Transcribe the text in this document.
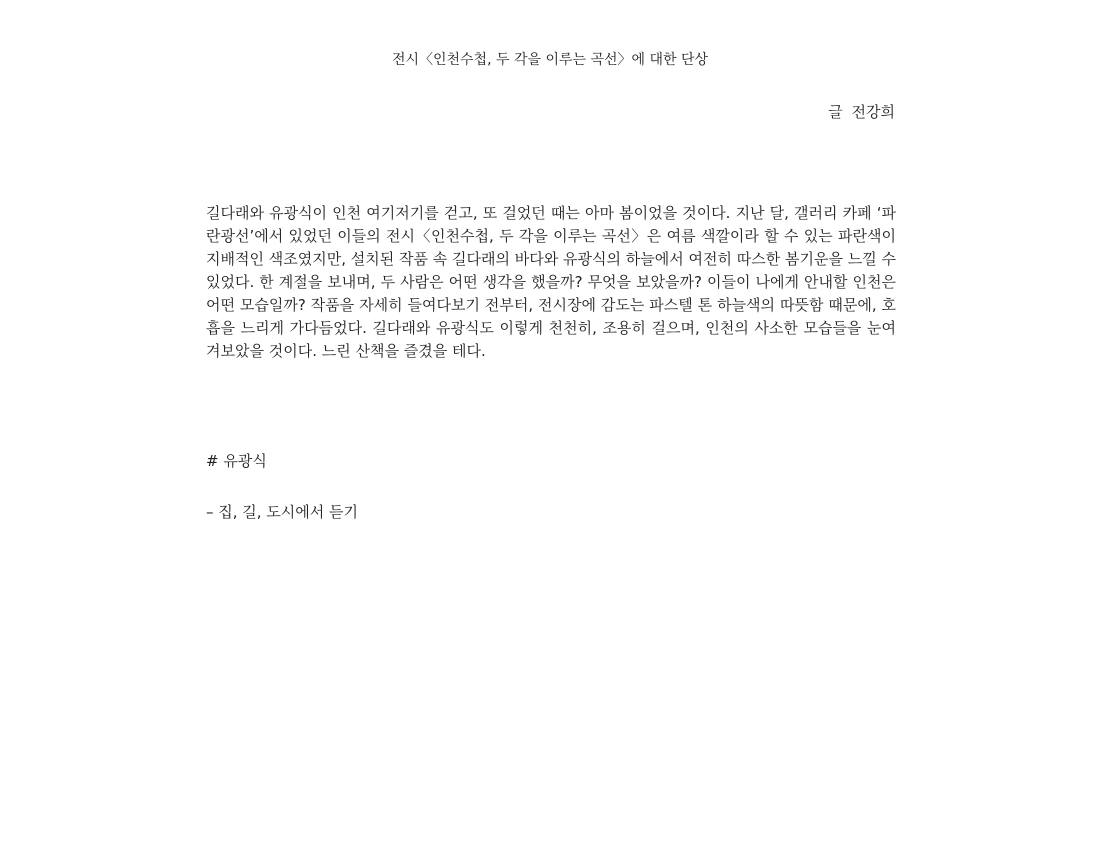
전시〈인천수첩, 두 각을 이루는 곡선〉에 대한 단상
글 전강희

길다래와 유광식이 인천 여기저기를 걷고, 또 걸었던 때는 아마 봄이었을 것이다. 지난 달, 갤러리 카페 ‘파란광선’에서 있었던 이들의 전시〈인천수첩, 두 각을 이루는 곡선〉은 여름 색깔이라 할 수 있는 파란색이 지배적인 색조였지만, 설치된 작품 속 길다래의 바다와 유광식의 하늘에서 여전히 따스한 봄기운을 느낄 수 있었다. 한 계절을 보내며, 두 사람은 어떤 생각을 했을까? 무엇을 보았을까? 이들이 나에게 안내할 인천은 어떤 모습일까? 작품을 자세히 들여다보기 전부터, 전시장에 감도는 파스텔 톤 하늘색의 따뜻함 때문에, 호흡을 느리게 가다듬었다. 길다래와 유광식도 이렇게 천천히, 조용히 걸으며, 인천의 사소한 모습들을 눈여겨보았을 것이다. 느린 산책을 즐겼을 테다.

# 유광식
– 집, 길, 도시에서 듣기
